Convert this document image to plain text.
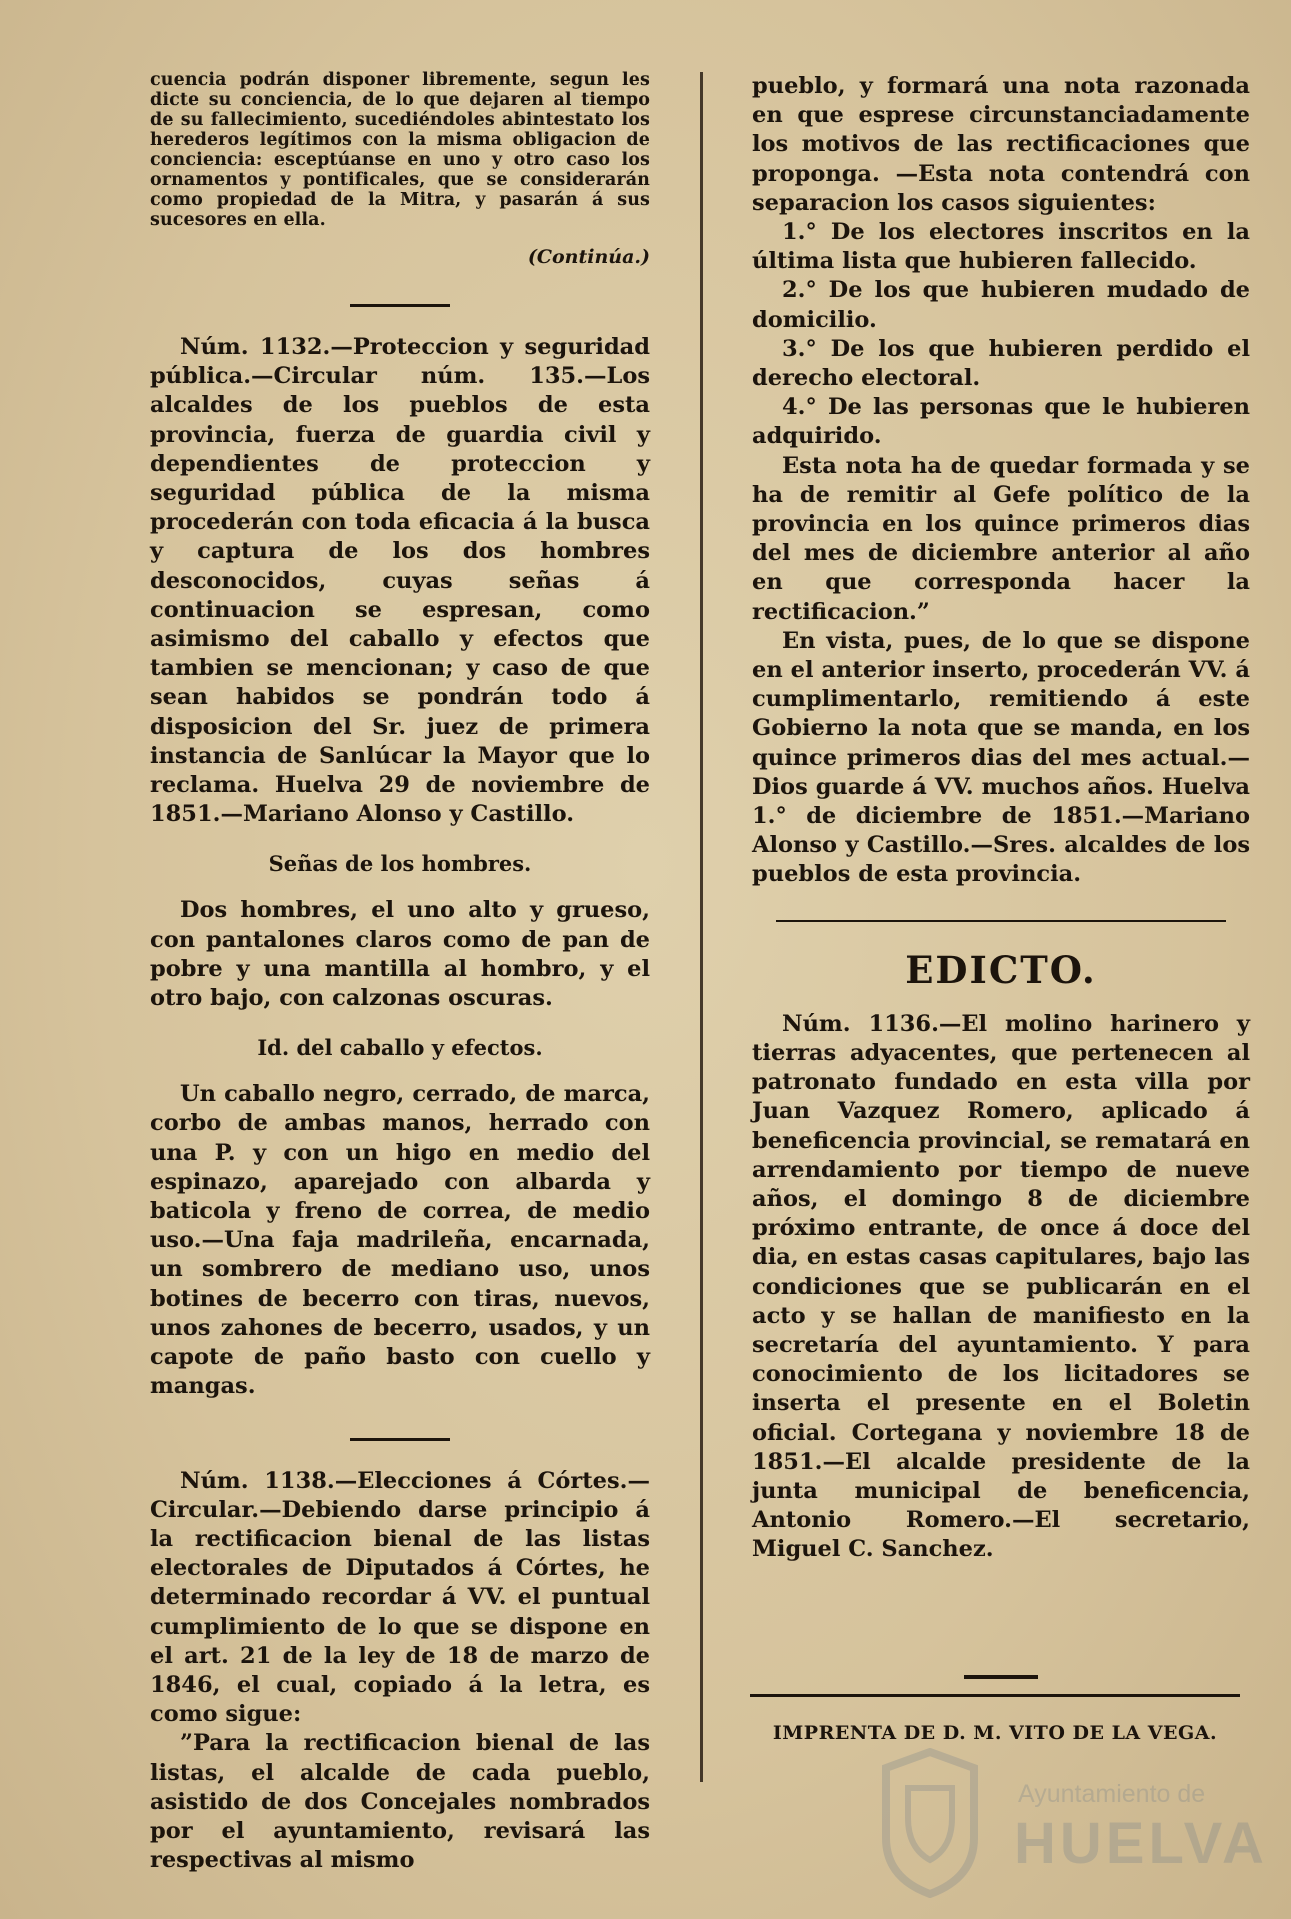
cuencia podrán disponer libremente, segun les dicte su conciencia, de lo que dejaren al tiempo de su fallecimiento, sucediéndoles abintestato los herederos legítimos con la misma obligacion de conciencia: esceptúanse en uno y otro caso los ornamentos y pontificales, que se considerarán como propiedad de la Mitra, y pasarán á sus sucesores en ella.

(Continúa.)

Núm. 1132.—Proteccion y seguridad pública.—Circular núm. 135.—Los alcaldes de los pueblos de esta provincia, fuerza de guardia civil y dependientes de proteccion y seguridad pública de la misma procederán con toda eficacia á la busca y captura de los dos hombres desconocidos, cuyas señas á continuacion se espresan, como asimismo del caballo y efectos que tambien se mencionan; y caso de que sean habidos se pondrán todo á disposicion del Sr. juez de primera instancia de Sanlúcar la Mayor que lo reclama. Huelva 29 de noviembre de 1851.—Mariano Alonso y Castillo.

Señas de los hombres.

Dos hombres, el uno alto y grueso, con pantalones claros como de pan de pobre y una mantilla al hombro, y el otro bajo, con calzonas oscuras.

Id. del caballo y efectos.

Un caballo negro, cerrado, de marca, corbo de ambas manos, herrado con una P. y con un higo en medio del espinazo, aparejado con albarda y baticola y freno de correa, de medio uso.—Una faja madrileña, encarnada, un sombrero de mediano uso, unos botines de becerro con tiras, nuevos, unos zahones de becerro, usados, y un capote de paño basto con cuello y mangas.

Núm. 1138.—Elecciones á Córtes.—Circular.—Debiendo darse principio á la rectificacion bienal de las listas electorales de Diputados á Córtes, he determinado recordar á VV. el puntual cumplimiento de lo que se dispone en el art. 21 de la ley de 18 de marzo de 1846, el cual, copiado á la letra, es como sigue:

”Para la rectificacion bienal de las listas, el alcalde de cada pueblo, asistido de dos Concejales nombrados por el ayuntamiento, revisará las respectivas al mismo

pueblo, y formará una nota razonada en que esprese circunstanciadamente los motivos de las rectificaciones que proponga. —Esta nota contendrá con separacion los casos siguientes:

1.° De los electores inscritos en la última lista que hubieren fallecido.

2.° De los que hubieren mudado de domicilio.

3.° De los que hubieren perdido el derecho electoral.

4.° De las personas que le hubieren adquirido.

Esta nota ha de quedar formada y se ha de remitir al Gefe político de la provincia en los quince primeros dias del mes de diciembre anterior al año en que corresponda hacer la rectificacion.”

En vista, pues, de lo que se dispone en el anterior inserto, procederán VV. á cumplimentarlo, remitiendo á este Gobierno la nota que se manda, en los quince primeros dias del mes actual.—Dios guarde á VV. muchos años. Huelva 1.° de diciembre de 1851.—Mariano Alonso y Castillo.—Sres. alcaldes de los pueblos de esta provincia.

EDICTO.

Núm. 1136.—El molino harinero y tierras adyacentes, que pertenecen al patronato fundado en esta villa por Juan Vazquez Romero, aplicado á beneficencia provincial, se rematará en arrendamiento por tiempo de nueve años, el domingo 8 de diciembre próximo entrante, de once á doce del dia, en estas casas capitulares, bajo las condiciones que se publicarán en el acto y se hallan de manifiesto en la secretaría del ayuntamiento. Y para conocimiento de los licitadores se inserta el presente en el Boletin oficial. Cortegana y noviembre 18 de 1851.—El alcalde presidente de la junta municipal de beneficencia, Antonio Romero.—El secretario, Miguel C. Sanchez.

IMPRENTA DE D. M. VITO DE LA VEGA.

Ayuntamiento de
HUELVA
